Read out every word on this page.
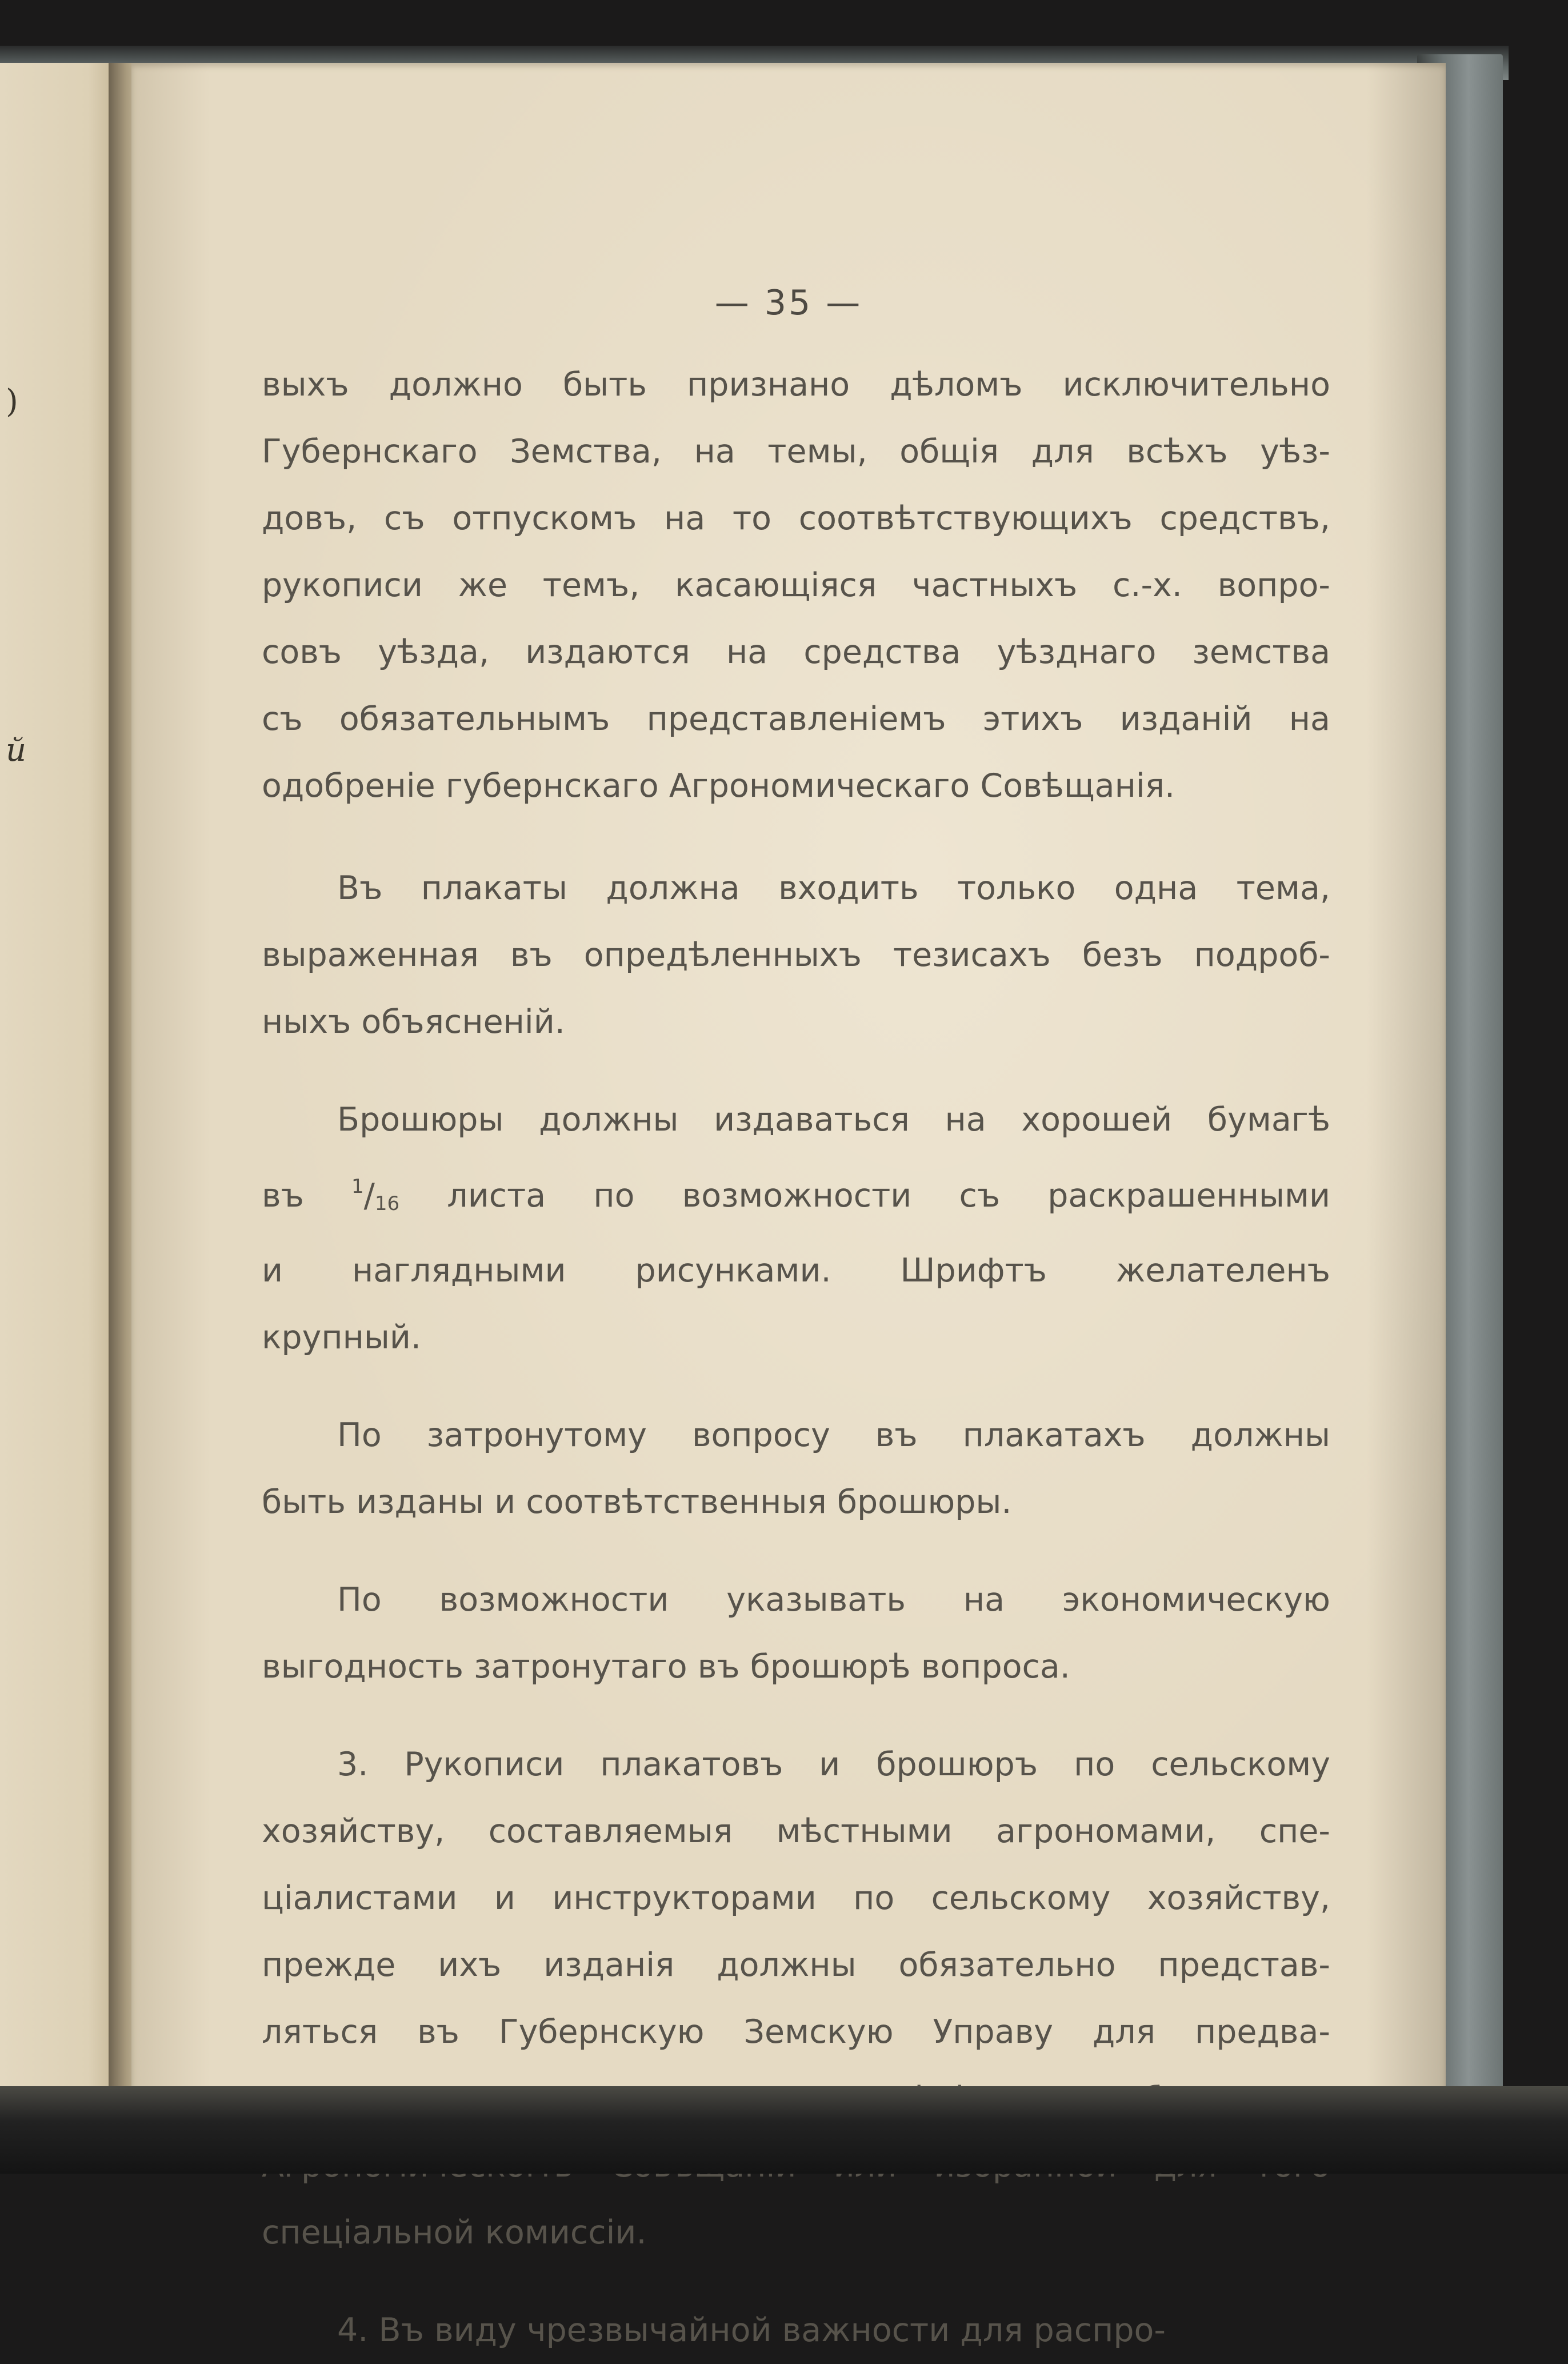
)
й
— 35 —
выхъ должно быть признано дѣломъ исключительно
Губернскаго Земства, на темы, общія для всѣхъ уѣз-
довъ, съ отпускомъ на то соотвѣтствующихъ средствъ,
рукописи же темъ, касающіяся частныхъ с.-х. вопро-
совъ уѣзда, издаются на средства уѣзднаго земства
съ обязательнымъ представленіемъ этихъ изданій на
одобреніе губернскаго Агрономическаго Совѣщанія.
Въ плакаты должна входить только одна тема,
выраженная въ опредѣленныхъ тезисахъ безъ подроб-
ныхъ объясненій.
Брошюры должны издаваться на хорошей бумагѣ
въ $^1/_{16}$ листа по возможности съ раскрашенными
и наглядными рисунками. Шрифтъ желателенъ
крупный.
По затронутому вопросу въ плакатахъ должны
быть изданы и соотвѣтственныя брошюры.
По возможности указывать на экономическую
выгодность затронутаго въ брошюрѣ вопроса.
3. Рукописи плакатовъ и брошюръ по сельскому
хозяйству, составляемыя мѣстными агрономами, спе-
ціалистами и инструкторами по сельскому хозяйству,
прежде ихъ изданія должны обязательно представ-
ляться въ Губернскую Земскую Управу для предва-
спеціальной комиссіи.
4. Въ виду чрезвычайной важности для распро-
